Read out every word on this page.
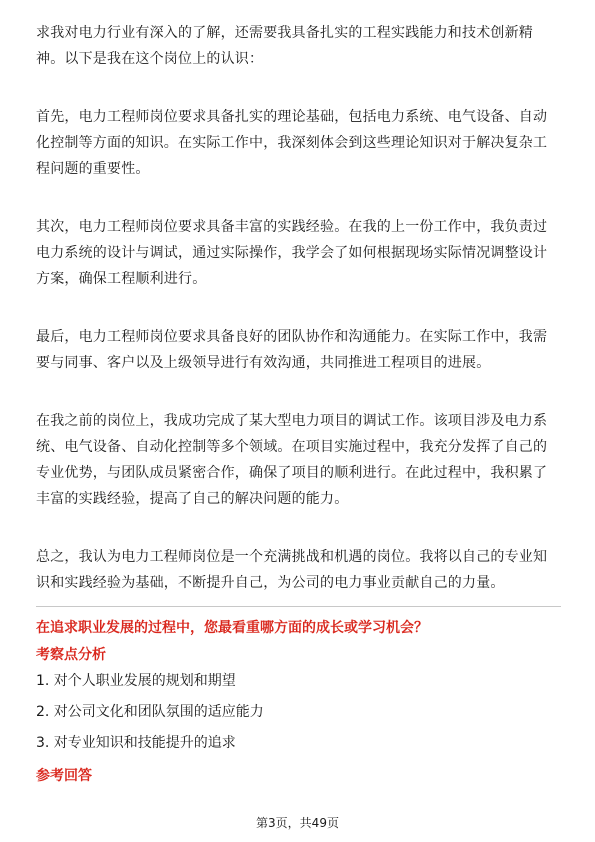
求我对电力行业有深入的了解，还需要我具备扎实的工程实践能力和技术创新精神。以下是我在这个岗位上的认识：

首先，电力工程师岗位要求具备扎实的理论基础，包括电力系统、电气设备、自动化控制等方面的知识。在实际工作中，我深刻体会到这些理论知识对于解决复杂工程问题的重要性。

其次，电力工程师岗位要求具备丰富的实践经验。在我的上一份工作中，我负责过电力系统的设计与调试，通过实际操作，我学会了如何根据现场实际情况调整设计方案，确保工程顺利进行。

最后，电力工程师岗位要求具备良好的团队协作和沟通能力。在实际工作中，我需要与同事、客户以及上级领导进行有效沟通，共同推进工程项目的进展。

在我之前的岗位上，我成功完成了某大型电力项目的调试工作。该项目涉及电力系统、电气设备、自动化控制等多个领域。在项目实施过程中，我充分发挥了自己的专业优势，与团队成员紧密合作，确保了项目的顺利进行。在此过程中，我积累了丰富的实践经验，提高了自己的解决问题的能力。

总之，我认为电力工程师岗位是一个充满挑战和机遇的岗位。我将以自己的专业知识和实践经验为基础，不断提升自己，为公司的电力事业贡献自己的力量。

在追求职业发展的过程中，您最看重哪方面的成长或学习机会？
考察点分析
1. 对个人职业发展的规划和期望
2. 对公司文化和团队氛围的适应能力
3. 对专业知识和技能提升的追求
参考回答
第3页，共49页
